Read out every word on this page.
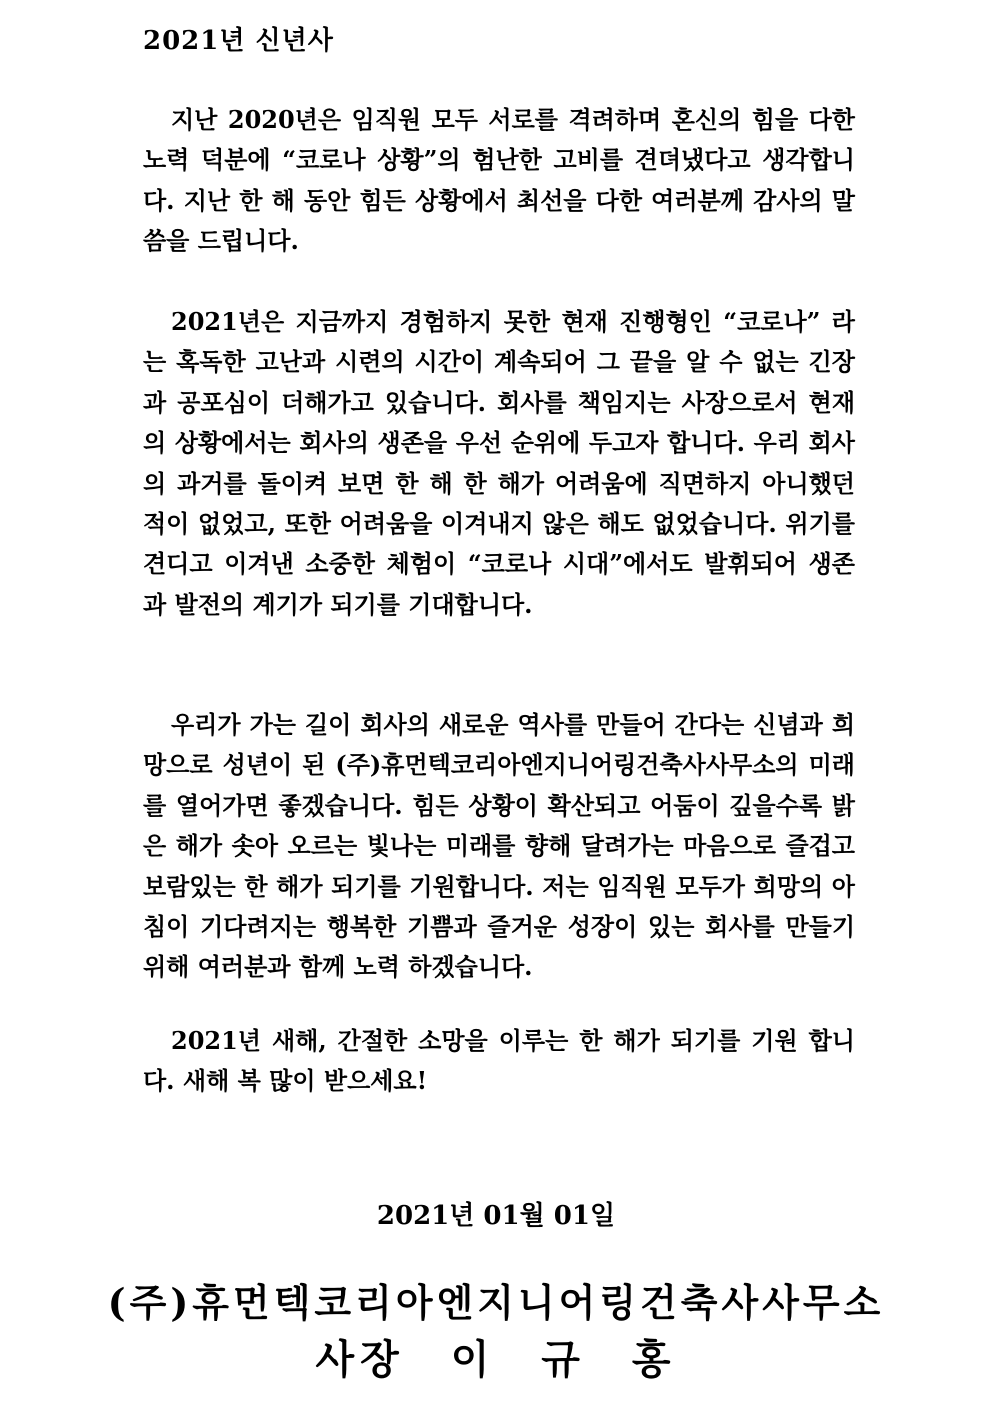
2021년 신년사

지난 2020년은 임직원 모두 서로를 격려하며 혼신의 힘을 다한 노력 덕분에 “코로나 상황”의 험난한 고비를 견뎌냈다고 생각합니다. 지난 한 해 동안 힘든 상황에서 최선을 다한 여러분께 감사의 말씀을 드립니다.

2021년은 지금까지 경험하지 못한 현재 진행형인 “코로나” 라는 혹독한 고난과 시련의 시간이 계속되어 그 끝을 알 수 없는 긴장과 공포심이 더해가고 있습니다. 회사를 책임지는 사장으로서 현재의 상황에서는 회사의 생존을 우선 순위에 두고자 합니다. 우리 회사의 과거를 돌이켜 보면 한 해 한 해가 어려움에 직면하지 아니했던 적이 없었고, 또한 어려움을 이겨내지 않은 해도 없었습니다. 위기를 견디고 이겨낸 소중한 체험이 “코로나 시대”에서도 발휘되어 생존과 발전의 계기가 되기를 기대합니다.

우리가 가는 길이 회사의 새로운 역사를 만들어 간다는 신념과 희망으로 성년이 된 (주)휴먼텍코리아엔지니어링건축사사무소의 미래를 열어가면 좋겠습니다. 힘든 상황이 확산되고 어둠이 깊을수록 밝은 해가 솟아 오르는 빛나는 미래를 향해 달려가는 마음으로 즐겁고 보람있는 한 해가 되기를 기원합니다. 저는 임직원 모두가 희망의 아침이 기다려지는 행복한 기쁨과 즐거운 성장이 있는 회사를 만들기 위해 여러분과 함께 노력 하겠습니다.

2021년 새해, 간절한 소망을 이루는 한 해가 되기를 기원 합니다. 새해 복 많이 받으세요!

2021년 01월 01일
(주)휴먼텍코리아엔지니어링건축사사무소
사장 이 규 홍
